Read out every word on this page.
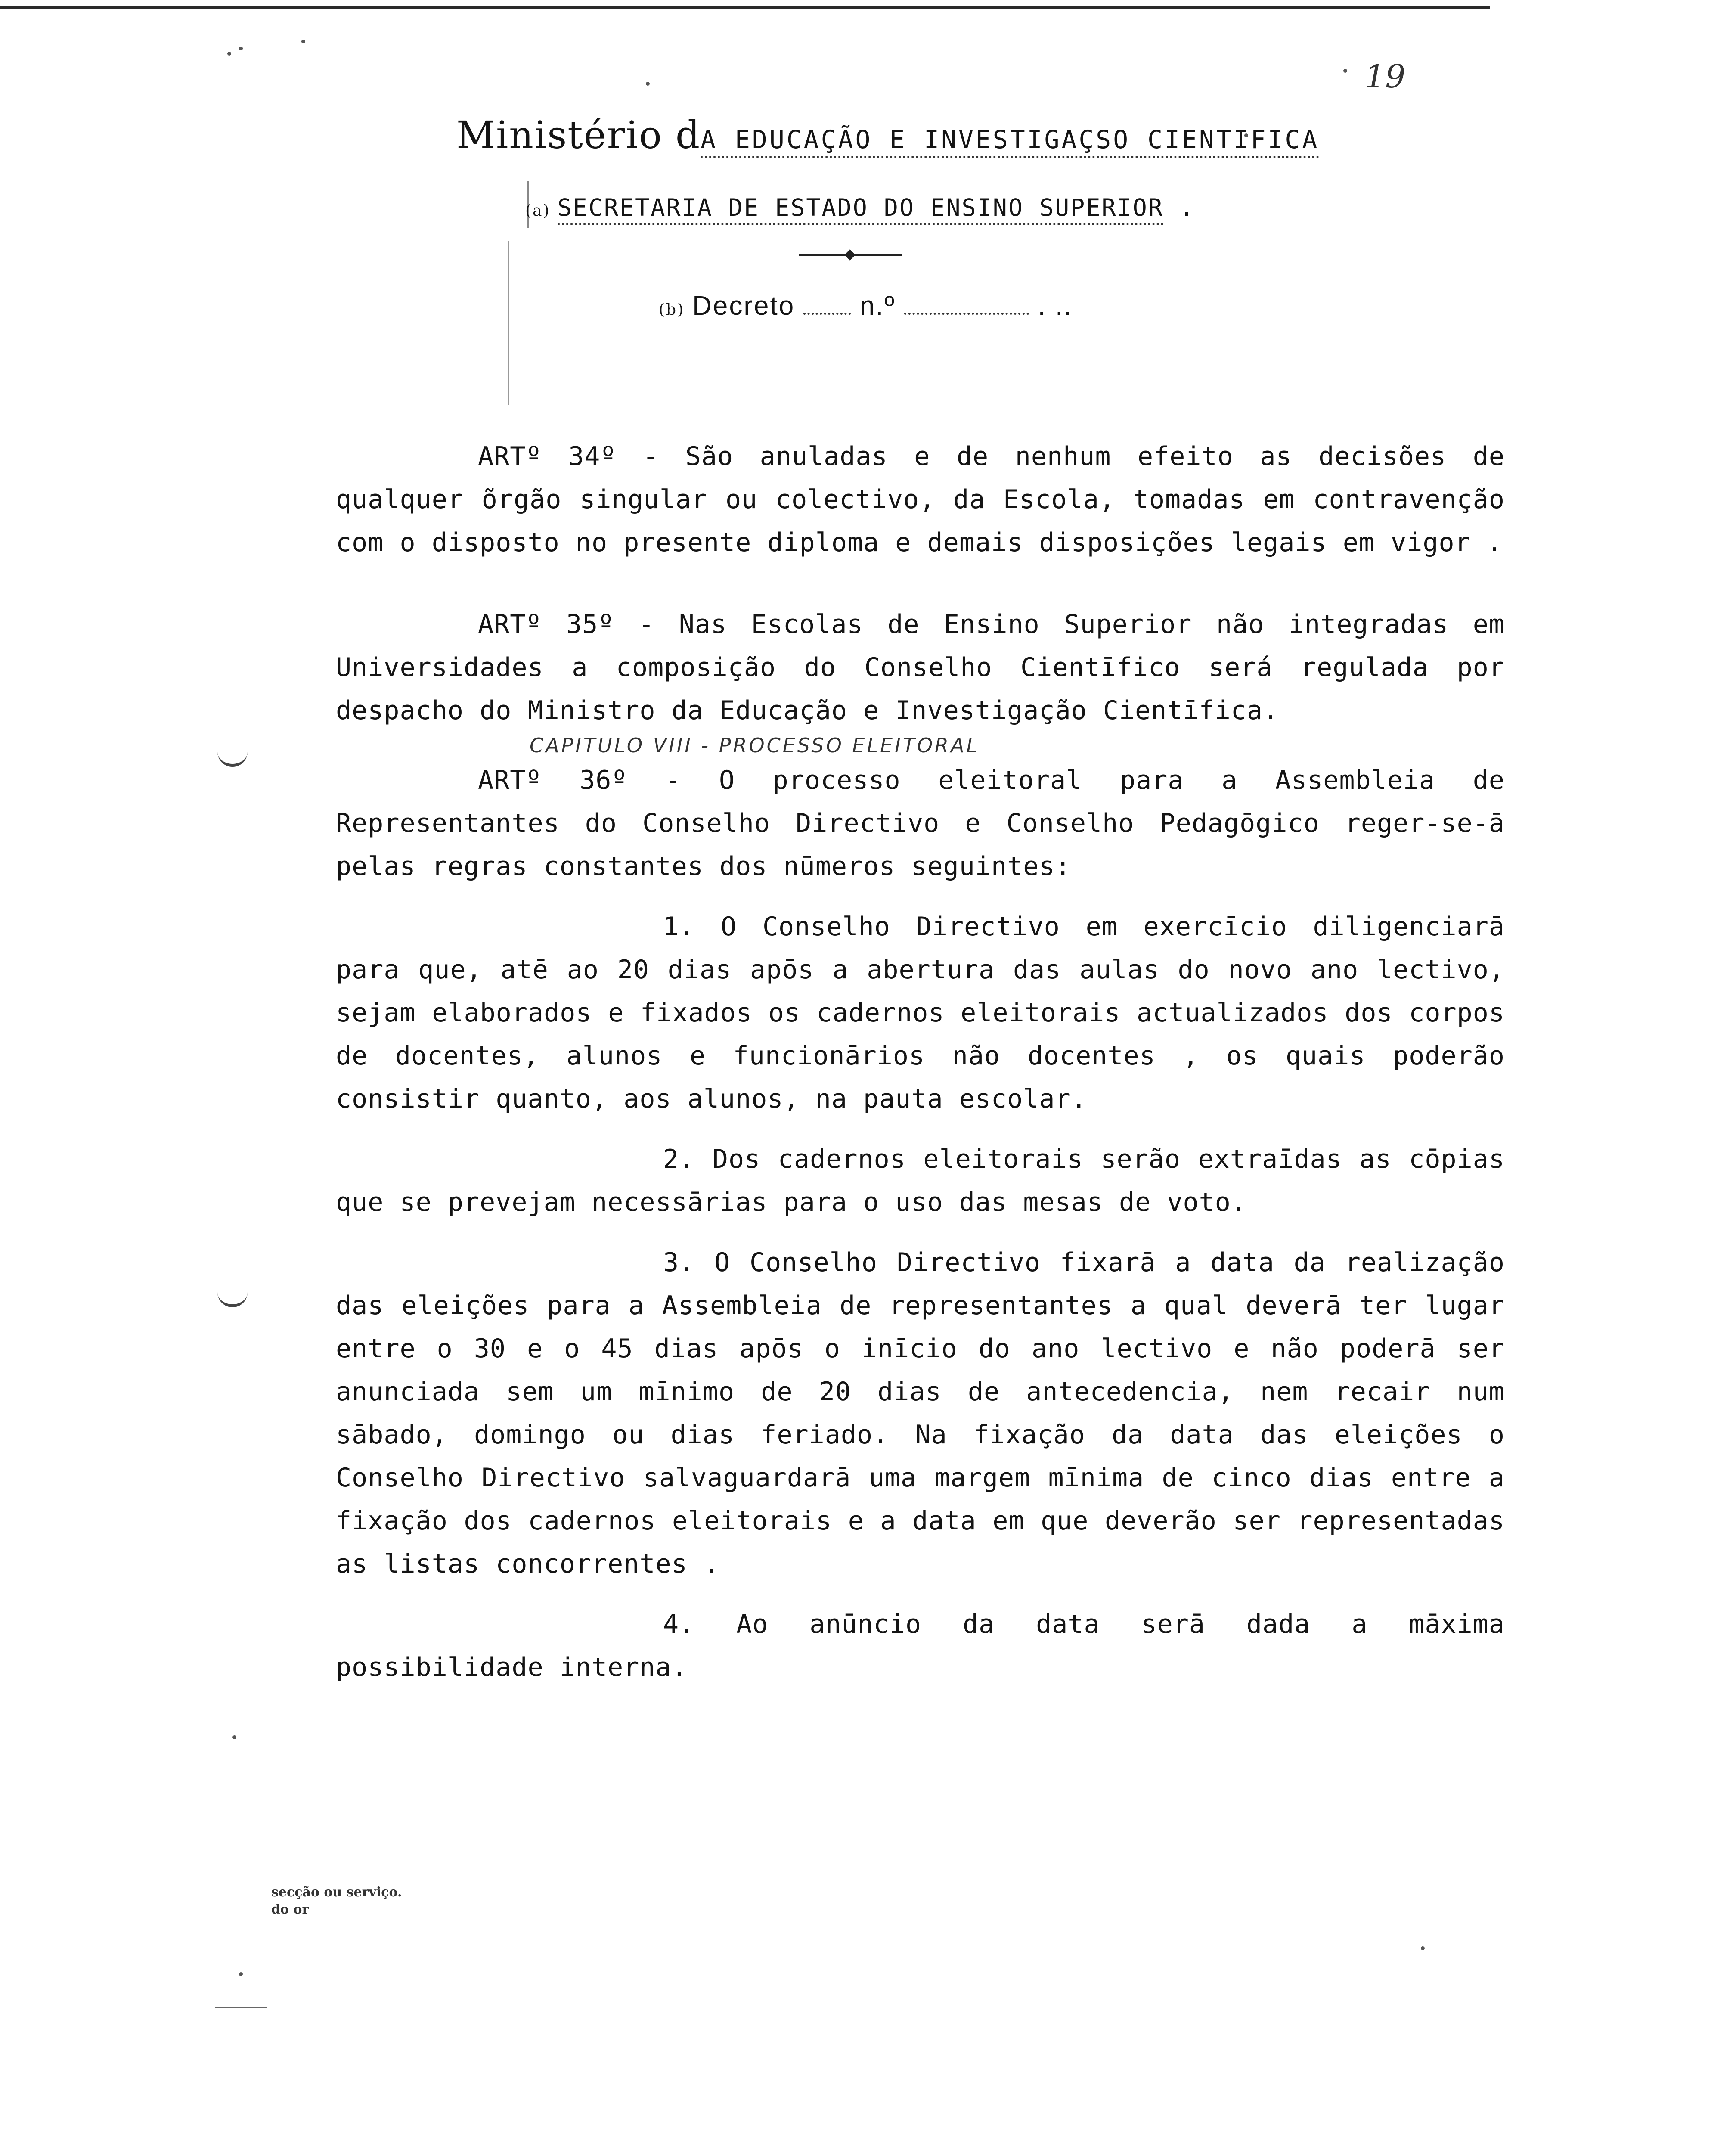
19
Ministério dA EDUCAÇÃO E INVESTIGAÇSO CIENTIFICA
(a) SECRETARIA DE ESTADO DO ENSINO SUPERIOR .
(b) Decreto n.º	. ..

ARTº 34º - São anuladas e de nenhum efeito as decisões de qualquer õrgão singular ou colectivo, da Escola, tomadas em contravenção com o disposto no presente diploma e demais disposições legais em vigor .

ARTº 35º - Nas Escolas de Ensino Superior não integradas em Universidades a composição do Conselho Cientīfico será regulada por despacho do Ministro da Educação e Investigação Cientīfica.

CAPITULO VIII - PROCESSO ELEITORAL

ARTº 36º - O processo eleitoral para a Assembleia de Representantes do Conselho Directivo e Conselho Pedagōgico reger-se-ā pelas regras constantes dos nūmeros seguintes:

1. O Conselho Directivo em exercīcio diligenciarā para que, atē ao 20 dias apōs a abertura das aulas do novo ano lectivo, sejam elaborados e fixados os cadernos eleitorais actualizados dos corpos de docentes, alunos e funcionārios não docentes , os quais poderão consistir quanto, aos alunos, na pauta escolar.

2. Dos cadernos eleitorais serão extraīdas as cōpias que se prevejam necessārias para o uso das mesas de voto.

3. O Conselho Directivo fixarā a data da realização das eleições para a Assembleia de representantes a qual deverā ter lugar entre o 30 e o 45 dias apōs o inīcio do ano lectivo e não poderā ser anunciada sem um mīnimo de 20 dias de antecedencia, nem recair num sābado, domingo ou dias feriado. Na fixação da data das eleições o Conselho Directivo salvaguardarā uma margem mīnima de cinco dias entre a fixação dos cadernos eleitorais e a data em que deverão ser representadas as listas concorrentes .

4. Ao anūncio da data serā dada a māxima possibilidade interna.

secção ou serviço.
do or
